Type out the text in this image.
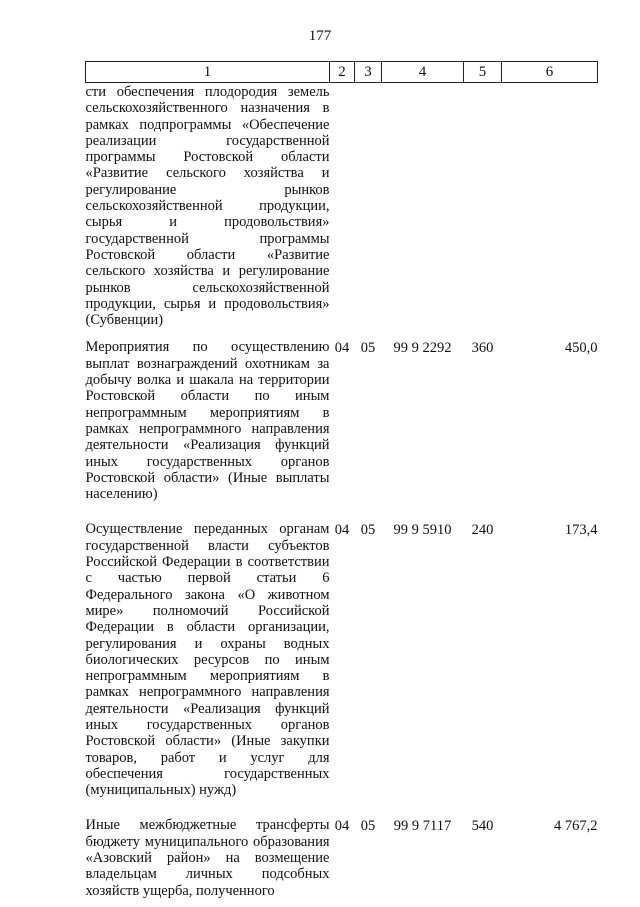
177
1	2	3	4	5	6
сти обеспечения плодородия земель сельскохозяйственного назначения в рамках подпрограммы «Обеспечение реализации государственной программы Ростовской области «Развитие сельского хозяйства и регулирование рынков сельскохозяйственной продукции, сырья и продовольствия» государственной программы Ростовской области «Развитие сельского хозяйства и регулирование рынков сельскохозяйственной продукции, сырья и продовольствия» (Субвенции)					
Мероприятия по осуществлению выплат вознаграждений охотникам за добычу волка и шакала на территории Ростовской области по иным непрограммным мероприятиям в рамках непрограммного направления деятельности «Реализация функций иных государственных органов Ростовской области» (Иные выплаты населению)	04	05	99 9 2292	360	450,0
Осуществление переданных органам государственной власти субъектов Российской Федерации в соответствии с частью первой статьи 6 Федерального закона «О животном мире» полномочий Российской Федерации в области организации, регулирования и охраны водных биологических ресурсов по иным непрограммным мероприятиям в рамках непрограммного направления деятельности «Реализация функций иных государственных органов Ростовской области» (Иные закупки товаров, работ и услуг для обеспечения государственных (муниципальных) нужд)	04	05	99 9 5910	240	173,4
Иные межбюджетные трансферты бюджету муниципального образования «Азовский район» на возмещение владельцам личных подсобных хозяйств ущерба, полученного	04	05	99 9 7117	540	4 767,2
